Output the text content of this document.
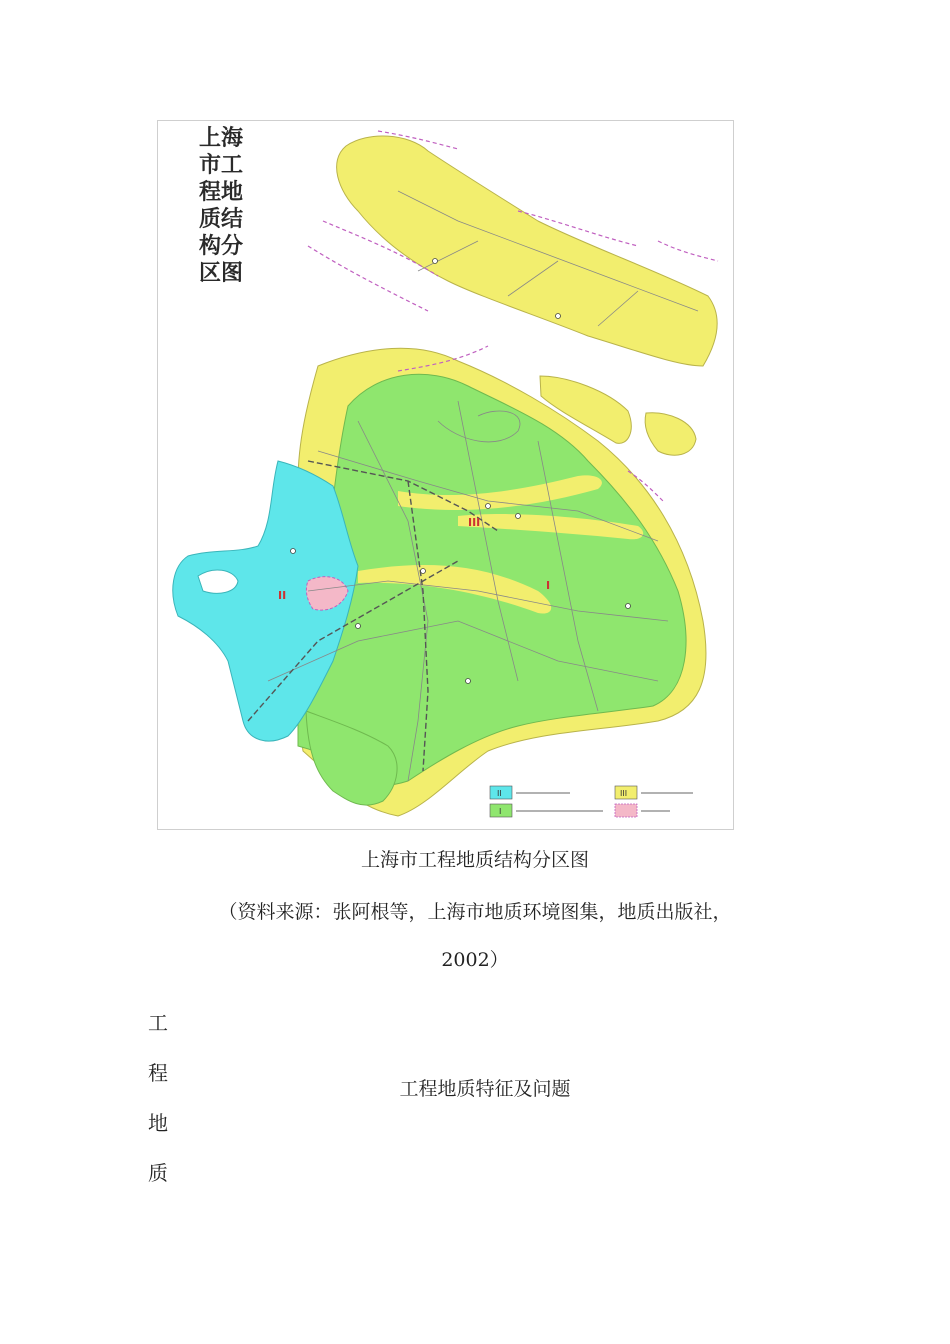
II
I
III
II	III
I
上海市工程地质结构分区图
上海市工程地质结构分区图
（资料来源：张阿根等，上海市地质环境图集，地质出版社，
2002）
工
程
地
质
工程地质特征及问题
